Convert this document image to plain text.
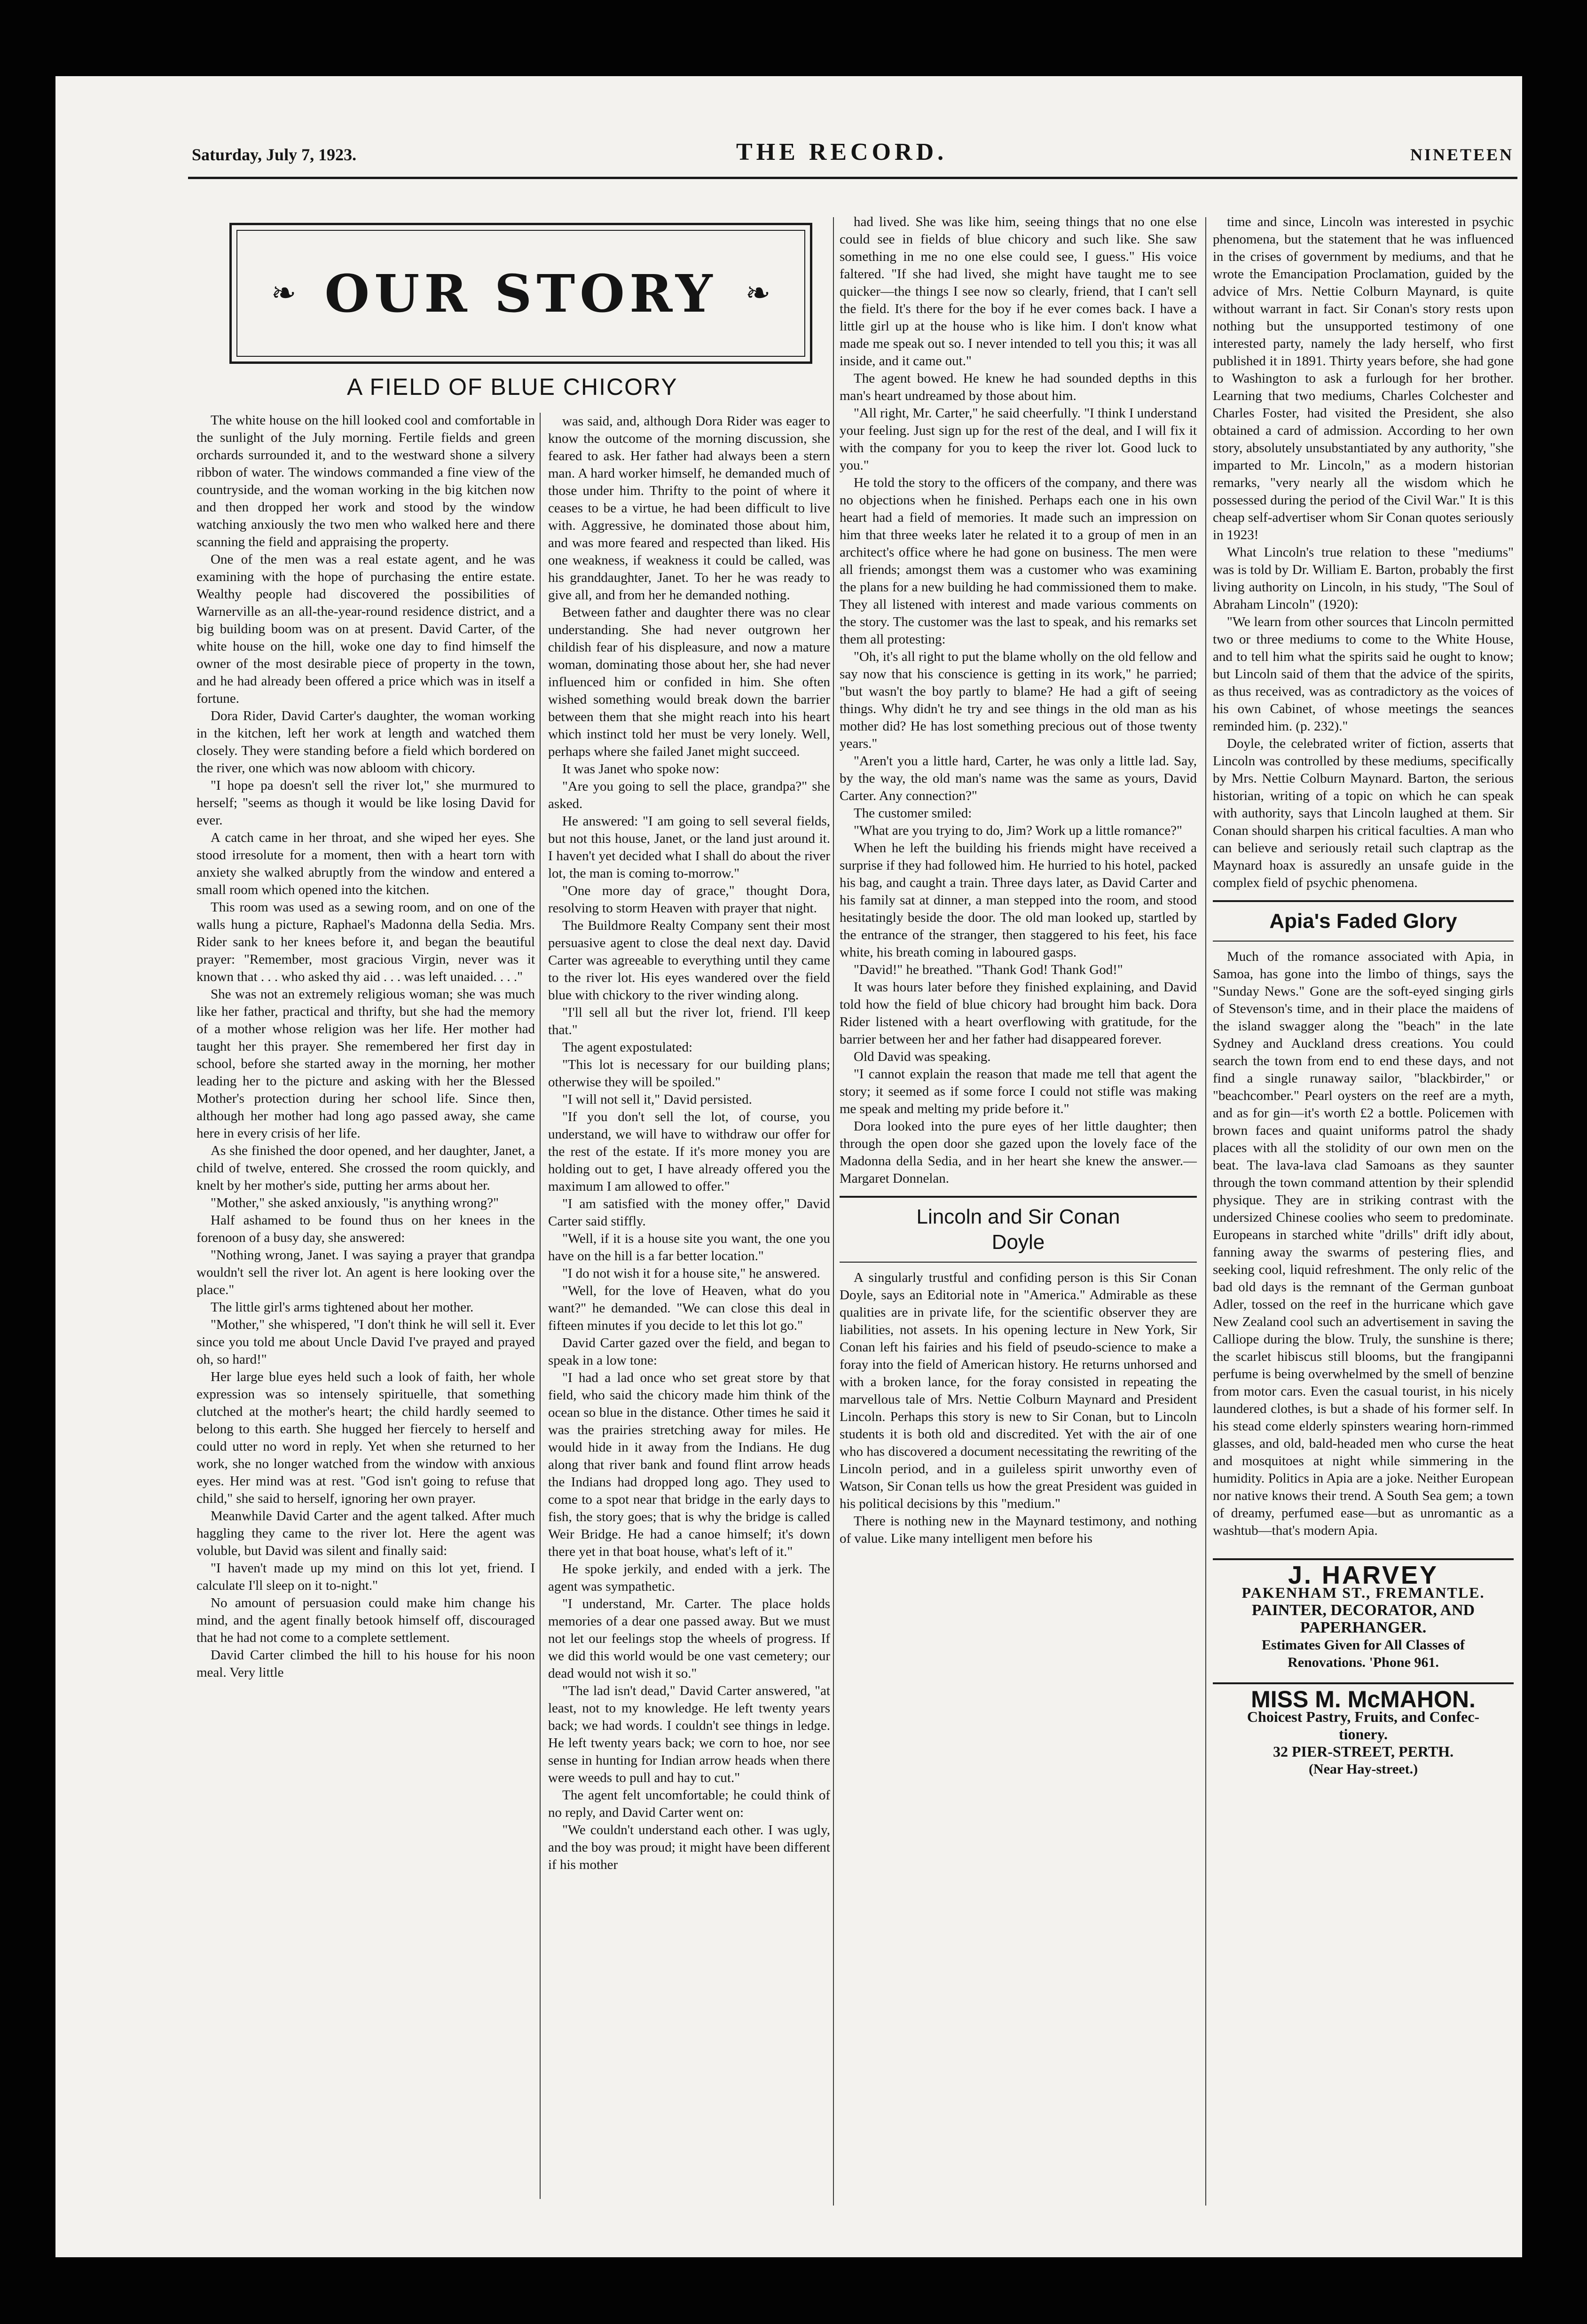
Saturday, July 7, 1923.	THE RECORD.	NINETEEN
❧ OUR STORY ❧
A FIELD OF BLUE CHICORY

The white house on the hill looked cool and comfortable in the sunlight of the July morning. Fertile fields and green orchards surrounded it, and to the westward shone a silvery ribbon of water. The windows commanded a fine view of the countryside, and the woman working in the big kitchen now and then dropped her work and stood by the window watching anxiously the two men who walked here and there scanning the field and appraising the property.

One of the men was a real estate agent, and he was examining with the hope of purchasing the entire estate. Wealthy people had discovered the possibilities of Warnerville as an all-the-year-round residence district, and a big building boom was on at present. David Carter, of the white house on the hill, woke one day to find himself the owner of the most desirable piece of property in the town, and he had already been offered a price which was in itself a fortune.

Dora Rider, David Carter's daughter, the woman working in the kitchen, left her work at length and watched them closely. They were standing before a field which bordered on the river, one which was now abloom with chicory.

"I hope pa doesn't sell the river lot," she murmured to herself; "seems as though it would be like losing David for ever.

A catch came in her throat, and she wiped her eyes. She stood irresolute for a moment, then with a heart torn with anxiety she walked abruptly from the window and entered a small room which opened into the kitchen.

This room was used as a sewing room, and on one of the walls hung a picture, Raphael's Madonna della Sedia. Mrs. Rider sank to her knees before it, and began the beautiful prayer: "Remember, most gracious Virgin, never was it known that . . . who asked thy aid . . . was left unaided. . . ."

She was not an extremely religious woman; she was much like her father, practical and thrifty, but she had the memory of a mother whose religion was her life. Her mother had taught her this prayer. She remembered her first day in school, before she started away in the morning, her mother leading her to the picture and asking with her the Blessed Mother's protection during her school life. Since then, although her mother had long ago passed away, she came here in every crisis of her life.

As she finished the door opened, and her daughter, Janet, a child of twelve, entered. She crossed the room quickly, and knelt by her mother's side, putting her arms about her.

"Mother," she asked anxiously, "is anything wrong?"

Half ashamed to be found thus on her knees in the forenoon of a busy day, she answered:

"Nothing wrong, Janet. I was saying a prayer that grandpa wouldn't sell the river lot. An agent is here looking over the place."

The little girl's arms tightened about her mother.

"Mother," she whispered, "I don't think he will sell it. Ever since you told me about Uncle David I've prayed and prayed oh, so hard!"

Her large blue eyes held such a look of faith, her whole expression was so intensely spirituelle, that something clutched at the mother's heart; the child hardly seemed to belong to this earth. She hugged her fiercely to herself and could utter no word in reply. Yet when she returned to her work, she no longer watched from the window with anxious eyes. Her mind was at rest. "God isn't going to refuse that child," she said to herself, ignoring her own prayer.

Meanwhile David Carter and the agent talked. After much haggling they came to the river lot. Here the agent was voluble, but David was silent and finally said:

"I haven't made up my mind on this lot yet, friend. I calculate I'll sleep on it to-night."

No amount of persuasion could make him change his mind, and the agent finally betook himself off, discouraged that he had not come to a complete settlement.

David Carter climbed the hill to his house for his noon meal. Very little

was said, and, although Dora Rider was eager to know the outcome of the morning discussion, she feared to ask. Her father had always been a stern man. A hard worker himself, he demanded much of those under him. Thrifty to the point of where it ceases to be a virtue, he had been difficult to live with. Aggressive, he dominated those about him, and was more feared and respected than liked. His one weakness, if weakness it could be called, was his granddaughter, Janet. To her he was ready to give all, and from her he demanded nothing.

Between father and daughter there was no clear understanding. She had never outgrown her childish fear of his displeasure, and now a mature woman, dominating those about her, she had never influenced him or confided in him. She often wished something would break down the barrier between them that she might reach into his heart which instinct told her must be very lonely. Well, perhaps where she failed Janet might succeed.

It was Janet who spoke now:

"Are you going to sell the place, grandpa?" she asked.

He answered: "I am going to sell several fields, but not this house, Janet, or the land just around it. I haven't yet decided what I shall do about the river lot, the man is coming to-morrow."

"One more day of grace," thought Dora, resolving to storm Heaven with prayer that night.

The Buildmore Realty Company sent their most persuasive agent to close the deal next day. David Carter was agreeable to everything until they came to the river lot. His eyes wandered over the field blue with chickory to the river winding along.

"I'll sell all but the river lot, friend. I'll keep that."

The agent expostulated:

"This lot is necessary for our building plans; otherwise they will be spoiled."

"I will not sell it," David persisted.

"If you don't sell the lot, of course, you understand, we will have to withdraw our offer for the rest of the estate. If it's more money you are holding out to get, I have already offered you the maximum I am allowed to offer."

"I am satisfied with the money offer," David Carter said stiffly.

"Well, if it is a house site you want, the one you have on the hill is a far better location."

"I do not wish it for a house site," he answered.

"Well, for the love of Heaven, what do you want?" he demanded. "We can close this deal in fifteen minutes if you decide to let this lot go."

David Carter gazed over the field, and began to speak in a low tone:

"I had a lad once who set great store by that field, who said the chicory made him think of the ocean so blue in the distance. Other times he said it was the prairies stretching away for miles. He would hide in it away from the Indians. He dug along that river bank and found flint arrow heads the Indians had dropped long ago. They used to come to a spot near that bridge in the early days to fish, the story goes; that is why the bridge is called Weir Bridge. He had a canoe himself; it's down there yet in that boat house, what's left of it."

He spoke jerkily, and ended with a jerk. The agent was sympathetic.

"I understand, Mr. Carter. The place holds memories of a dear one passed away. But we must not let our feelings stop the wheels of progress. If we did this world would be one vast cemetery; our dead would not wish it so."

"The lad isn't dead," David Carter answered, "at least, not to my knowledge. He left twenty years back; we had words. I couldn't see things in ledge. He left twenty years back; we corn to hoe, nor see sense in hunting for Indian arrow heads when there were weeds to pull and hay to cut."

The agent felt uncomfortable; he could think of no reply, and David Carter went on:

"We couldn't understand each other. I was ugly, and the boy was proud; it might have been different if his mother

had lived. She was like him, seeing things that no one else could see in fields of blue chicory and such like. She saw something in me no one else could see, I guess." His voice faltered. "If she had lived, she might have taught me to see quicker—the things I see now so clearly, friend, that I can't sell the field. It's there for the boy if he ever comes back. I have a little girl up at the house who is like him. I don't know what made me speak out so. I never intended to tell you this; it was all inside, and it came out."

The agent bowed. He knew he had sounded depths in this man's heart undreamed by those about him.

"All right, Mr. Carter," he said cheerfully. "I think I understand your feeling. Just sign up for the rest of the deal, and I will fix it with the company for you to keep the river lot. Good luck to you."

He told the story to the officers of the company, and there was no objections when he finished. Perhaps each one in his own heart had a field of memories. It made such an impression on him that three weeks later he related it to a group of men in an architect's office where he had gone on business. The men were all friends; amongst them was a customer who was examining the plans for a new building he had commissioned them to make. They all listened with interest and made various comments on the story. The customer was the last to speak, and his remarks set them all protesting:

"Oh, it's all right to put the blame wholly on the old fellow and say now that his conscience is getting in its work," he parried; "but wasn't the boy partly to blame? He had a gift of seeing things. Why didn't he try and see things in the old man as his mother did? He has lost something precious out of those twenty years."

"Aren't you a little hard, Carter, he was only a little lad. Say, by the way, the old man's name was the same as yours, David Carter. Any connection?"

The customer smiled:

"What are you trying to do, Jim? Work up a little romance?"

When he left the building his friends might have received a surprise if they had followed him. He hurried to his hotel, packed his bag, and caught a train. Three days later, as David Carter and his family sat at dinner, a man stepped into the room, and stood hesitatingly beside the door. The old man looked up, startled by the entrance of the stranger, then staggered to his feet, his face white, his breath coming in laboured gasps.

"David!" he breathed. "Thank God! Thank God!"

It was hours later before they finished explaining, and David told how the field of blue chicory had brought him back. Dora Rider listened with a heart overflowing with gratitude, for the barrier between her and her father had disappeared forever.

Old David was speaking.

"I cannot explain the reason that made me tell that agent the story; it seemed as if some force I could not stifle was making me speak and melting my pride before it."

Dora looked into the pure eyes of her little daughter; then through the open door she gazed upon the lovely face of the Madonna della Sedia, and in her heart she knew the answer.—Margaret Donnelan.

Lincoln and Sir Conan
Doyle

A singularly trustful and confiding person is this Sir Conan Doyle, says an Editorial note in "America." Admirable as these qualities are in private life, for the scientific observer they are liabilities, not assets. In his opening lecture in New York, Sir Conan left his fairies and his field of pseudo-science to make a foray into the field of American history. He returns unhorsed and with a broken lance, for the foray consisted in repeating the marvellous tale of Mrs. Nettie Colburn Maynard and President Lincoln. Perhaps this story is new to Sir Conan, but to Lincoln students it is both old and discredited. Yet with the air of one who has discovered a document necessitating the rewriting of the Lincoln period, and in a guileless spirit unworthy even of Watson, Sir Conan tells us how the great President was guided in his political decisions by this "medium."

There is nothing new in the Maynard testimony, and nothing of value. Like many intelligent men before his

time and since, Lincoln was interested in psychic phenomena, but the statement that he was influenced in the crises of government by mediums, and that he wrote the Emancipation Proclamation, guided by the advice of Mrs. Nettie Colburn Maynard, is quite without warrant in fact. Sir Conan's story rests upon nothing but the unsupported testimony of one interested party, namely the lady herself, who first published it in 1891. Thirty years before, she had gone to Washington to ask a furlough for her brother. Learning that two mediums, Charles Colchester and Charles Foster, had visited the President, she also obtained a card of admission. According to her own story, absolutely unsubstantiated by any authority, "she imparted to Mr. Lincoln," as a modern historian remarks, "very nearly all the wisdom which he possessed during the period of the Civil War." It is this cheap self-advertiser whom Sir Conan quotes seriously in 1923!

What Lincoln's true relation to these "mediums" was is told by Dr. William E. Barton, probably the first living authority on Lincoln, in his study, "The Soul of Abraham Lincoln" (1920):

"We learn from other sources that Lincoln permitted two or three mediums to come to the White House, and to tell him what the spirits said he ought to know; but Lincoln said of them that the advice of the spirits, as thus received, was as contradictory as the voices of his own Cabinet, of whose meetings the seances reminded him. (p. 232)."

Doyle, the celebrated writer of fiction, asserts that Lincoln was controlled by these mediums, specifically by Mrs. Nettie Colburn Maynard. Barton, the serious historian, writing of a topic on which he can speak with authority, says that Lincoln laughed at them. Sir Conan should sharpen his critical faculties. A man who can believe and seriously retail such claptrap as the Maynard hoax is assuredly an unsafe guide in the complex field of psychic phenomena.

Apia's Faded Glory

Much of the romance associated with Apia, in Samoa, has gone into the limbo of things, says the "Sunday News." Gone are the soft-eyed singing girls of Stevenson's time, and in their place the maidens of the island swagger along the "beach" in the late Sydney and Auckland dress creations. You could search the town from end to end these days, and not find a single runaway sailor, "blackbirder," or "beachcomber." Pearl oysters on the reef are a myth, and as for gin—it's worth £2 a bottle. Policemen with brown faces and quaint uniforms patrol the shady places with all the stolidity of our own men on the beat. The lava-lava clad Samoans as they saunter through the town command attention by their splendid physique. They are in striking contrast with the undersized Chinese coolies who seem to predominate. Europeans in starched white "drills" drift idly about, fanning away the swarms of pestering flies, and seeking cool, liquid refreshment. The only relic of the bad old days is the remnant of the German gunboat Adler, tossed on the reef in the hurricane which gave New Zealand cool such an advertisement in saving the Calliope during the blow. Truly, the sunshine is there; the scarlet hibiscus still blooms, but the frangipanni perfume is being overwhelmed by the smell of benzine from motor cars. Even the casual tourist, in his nicely laundered clothes, is but a shade of his former self. In his stead come elderly spinsters wearing horn-rimmed glasses, and old, bald-headed men who curse the heat and mosquitoes at night while simmering in the humidity. Politics in Apia are a joke. Neither European nor native knows their trend. A South Sea gem; a town of dreamy, perfumed ease—but as unromantic as a washtub—that's modern Apia.

J. HARVEY
PAKENHAM ST., FREMANTLE.
PAINTER, DECORATOR, AND
PAPERHANGER.
Estimates Given for All Classes of
Renovations. 'Phone 961.
MISS M. McMAHON.
Choicest Pastry, Fruits, and Confec-
tionery.
32 PIER-STREET, PERTH.
(Near Hay-street.)
